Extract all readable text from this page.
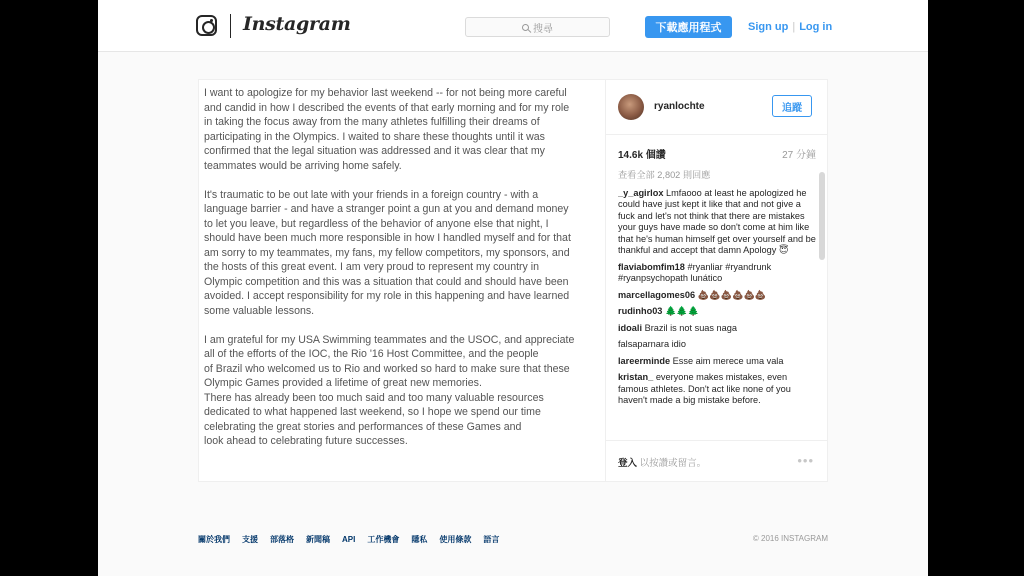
Instagram	搜尋	下載應用程式	Sign up | Log in

I want to apologize for my behavior last weekend -- for not being more careful

and candid in how I described the events of that early morning and for my role

in taking the focus away from the many athletes fulfilling their dreams of

participating in the Olympics. I waited to share these thoughts until it was

confirmed that the legal situation was addressed and it was clear that my

teammates would be arriving home safely.

It's traumatic to be out late with your friends in a foreign country - with a

language barrier - and have a stranger point a gun at you and demand money

to let you leave, but regardless of the behavior of anyone else that night, I

should have been much more responsible in how I handled myself and for that

am sorry to my teammates, my fans, my fellow competitors, my sponsors, and

the hosts of this great event. I am very proud to represent my country in

Olympic competition and this was a situation that could and should have been

avoided. I accept responsibility for my role in this happening and have learned

some valuable lessons.

I am grateful for my USA Swimming teammates and the USOC, and appreciate

all of the efforts of the IOC, the Rio '16 Host Committee, and the people

of Brazil who welcomed us to Rio and worked so hard to make sure that these

Olympic Games provided a lifetime of great new memories.

There has already been too much said and too many valuable resources

dedicated to what happened last weekend, so I hope we spend our time

celebrating the great stories and performances of these Games and

look ahead to celebrating future successes.

ryanlochte	追蹤
14.6k 個讚	27 分鐘
查看全部 2,802 則回應
_y_agirlox Lmfaooo at least he apologized he could have just kept it like that and not give a fuck and let's not think that there are mistakes your guys have made so don't come at him like that he's human himself get over yourself and be thankful and accept that damn Apology 😇
flaviabomfim18 #ryanliar #ryandrunk #ryanpsychopath lunático
marcellagomes06 💩💩💩💩💩💩
rudinho03 🌲🌲🌲
idoali Brazil is not suas naga
falsaparnara idio
lareerminde Esse aim merece uma vala
kristan_ everyone makes mistakes, even famous athletes. Don't act like none of you haven't made a big mistake before.
登入 以按讚或留言。	•••
關於我們 支援 部落格 新聞稿 API 工作機會 隱私 使用條款 語言	© 2016 INSTAGRAM
